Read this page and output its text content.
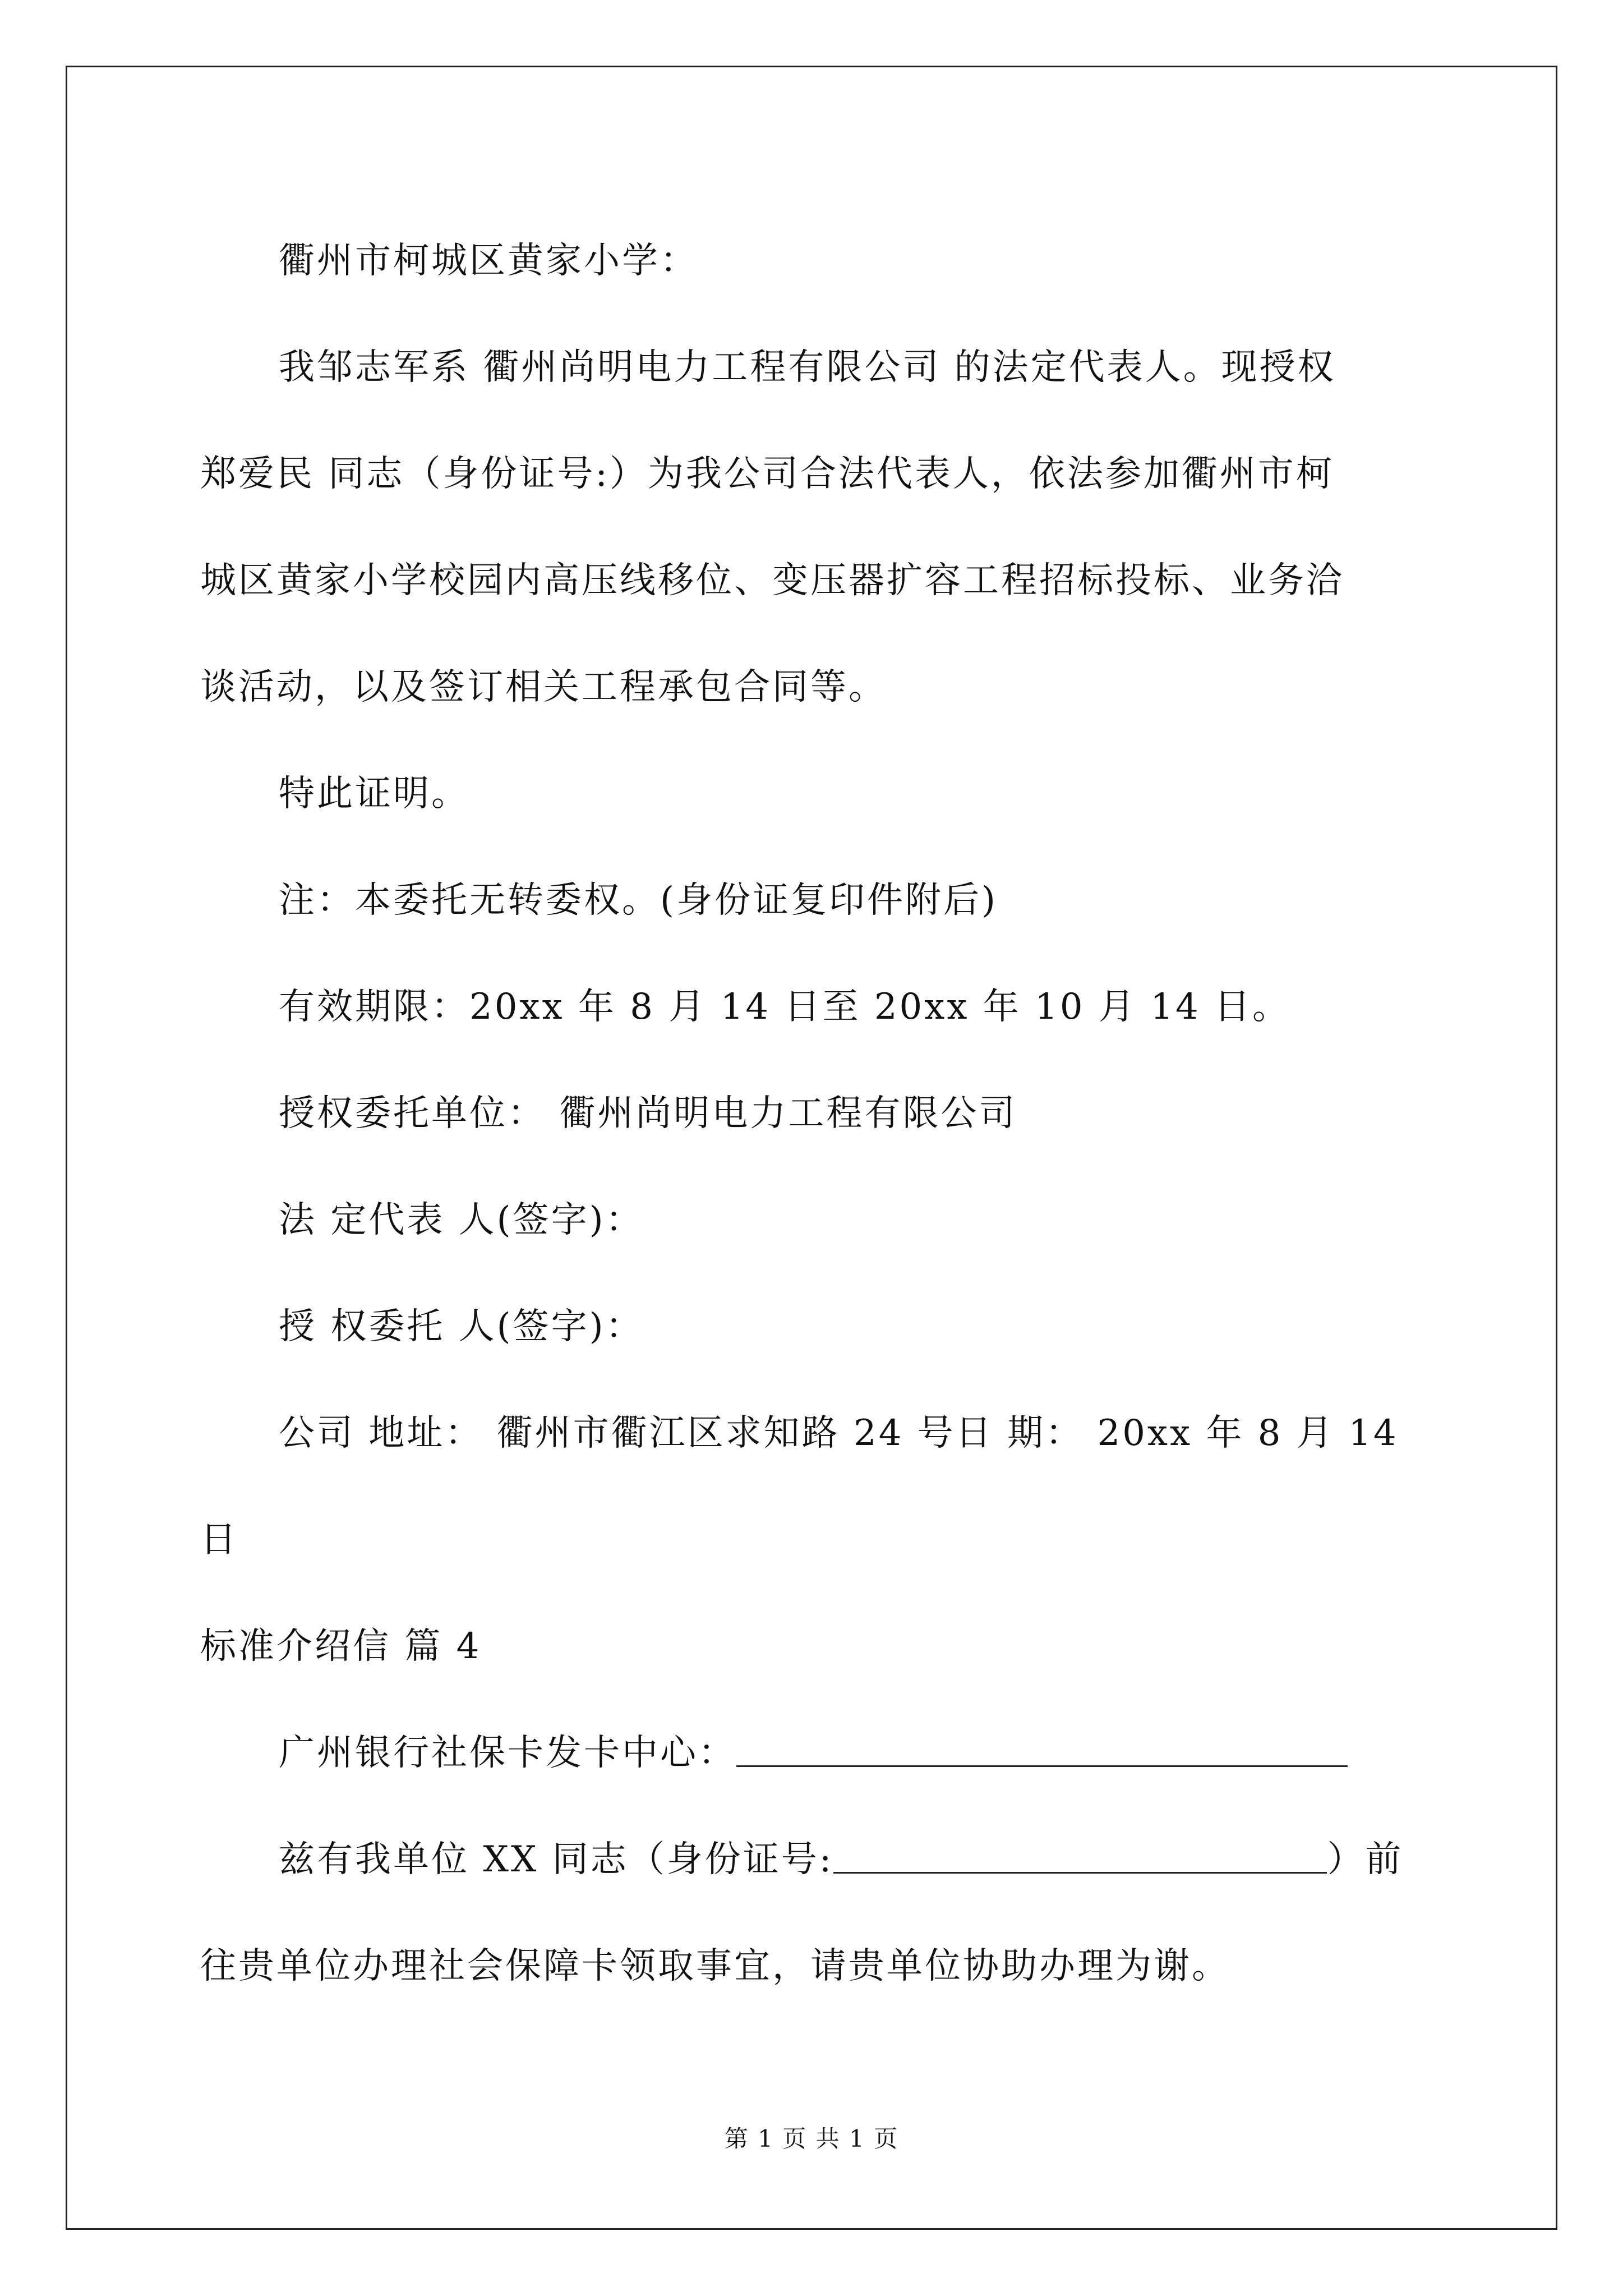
衢州市柯城区黄家小学：
我邹志军系 衢州尚明电力工程有限公司 的法定代表人。现授权
郑爱民 同志（身份证号:）为我公司合法代表人，依法参加衢州市柯
城区黄家小学校园内高压线移位、变压器扩容工程招标投标、业务洽
谈活动，以及签订相关工程承包合同等。
特此证明。
注：本委托无转委权。(身份证复印件附后)
有效期限：20xx 年 8 月 14 日至 20xx 年 10 月 14 日。
授权委托单位： 衢州尚明电力工程有限公司
法 定代表 人(签字)：
授 权委托 人(签字)：
公司 地址： 衢州市衢江区求知路 24 号日 期： 20xx 年 8 月 14
日
标准介绍信 篇 4
广州银行社保卡发卡中心：
兹有我单位 XX 同志（身份证号:	）前
往贵单位办理社会保障卡领取事宜，请贵单位协助办理为谢。
第 1 页 共 1 页
